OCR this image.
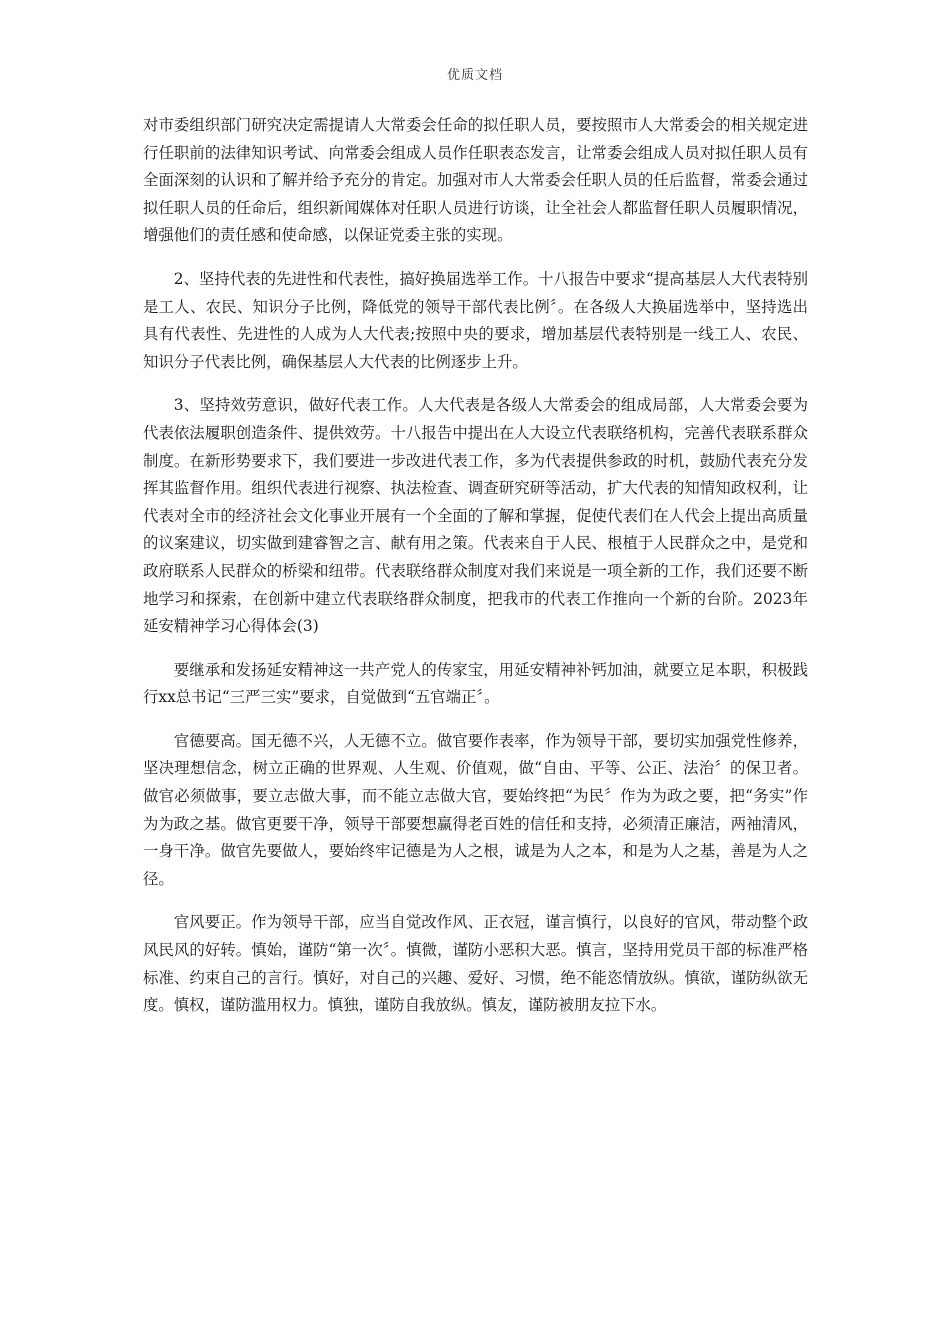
优质文档

对市委组织部门研究决定需提请人大常委会任命的拟任职人员，要按照市人大常委会的相关规定进行任职前的法律知识考试、向常委会组成人员作任职表态发言，让常委会组成人员对拟任职人员有全面深刻的认识和了解并给予充分的肯定。加强对市人大常委会任职人员的任后监督，常委会通过拟任职人员的任命后，组织新闻媒体对任职人员进行访谈，让全社会人都监督任职人员履职情况，增强他们的责任感和使命感，以保证党委主张的实现。

2、坚持代表的先进性和代表性，搞好换届选举工作。十八报告中要求“提高基层人大代表特别是工人、农民、知识分子比例，降低党的领导干部代表比例〞。在各级人大换届选举中，坚持选出具有代表性、先进性的人成为人大代表;按照中央的要求，增加基层代表特别是一线工人、农民、知识分子代表比例，确保基层人大代表的比例逐步上升。

3、坚持效劳意识，做好代表工作。人大代表是各级人大常委会的组成局部，人大常委会要为代表依法履职创造条件、提供效劳。十八报告中提出在人大设立代表联络机构，完善代表联系群众制度。在新形势要求下，我们要进一步改进代表工作，多为代表提供参政的时机，鼓励代表充分发挥其监督作用。组织代表进行视察、执法检查、调查研究研等活动，扩大代表的知情知政权利，让代表对全市的经济社会文化事业开展有一个全面的了解和掌握，促使代表们在人代会上提出高质量的议案建议，切实做到建睿智之言、献有用之策。代表来自于人民、根植于人民群众之中，是党和政府联系人民群众的桥梁和纽带。代表联络群众制度对我们来说是一项全新的工作，我们还要不断地学习和探索，在创新中建立代表联络群众制度，把我市的代表工作推向一个新的台阶。2023年延安精神学习心得体会(3)

要继承和发扬延安精神这一共产党人的传家宝，用延安精神补钙加油，就要立足本职，积极践行xx总书记“三严三实”要求，自觉做到“五官端正〞。

官德要高。国无德不兴，人无德不立。做官要作表率，作为领导干部，要切实加强党性修养，坚决理想信念，树立正确的世界观、人生观、价值观，做“自由、平等、公正、法治〞的保卫者。做官必须做事，要立志做大事，而不能立志做大官，要始终把“为民〞作为为政之要，把“务实”作为为政之基。做官更要干净，领导干部要想赢得老百姓的信任和支持，必须清正廉洁，两袖清风，一身干净。做官先要做人，要始终牢记德是为人之根，诚是为人之本，和是为人之基，善是为人之径。

官风要正。作为领导干部，应当自觉改作风、正衣冠，谨言慎行，以良好的官风，带动整个政风民风的好转。慎始，谨防“第一次〞。慎微，谨防小恶积大恶。慎言，坚持用党员干部的标准严格标准、约束自己的言行。慎好，对自己的兴趣、爱好、习惯，绝不能恣情放纵。慎欲，谨防纵欲无度。慎权，谨防滥用权力。慎独，谨防自我放纵。慎友，谨防被朋友拉下水。
